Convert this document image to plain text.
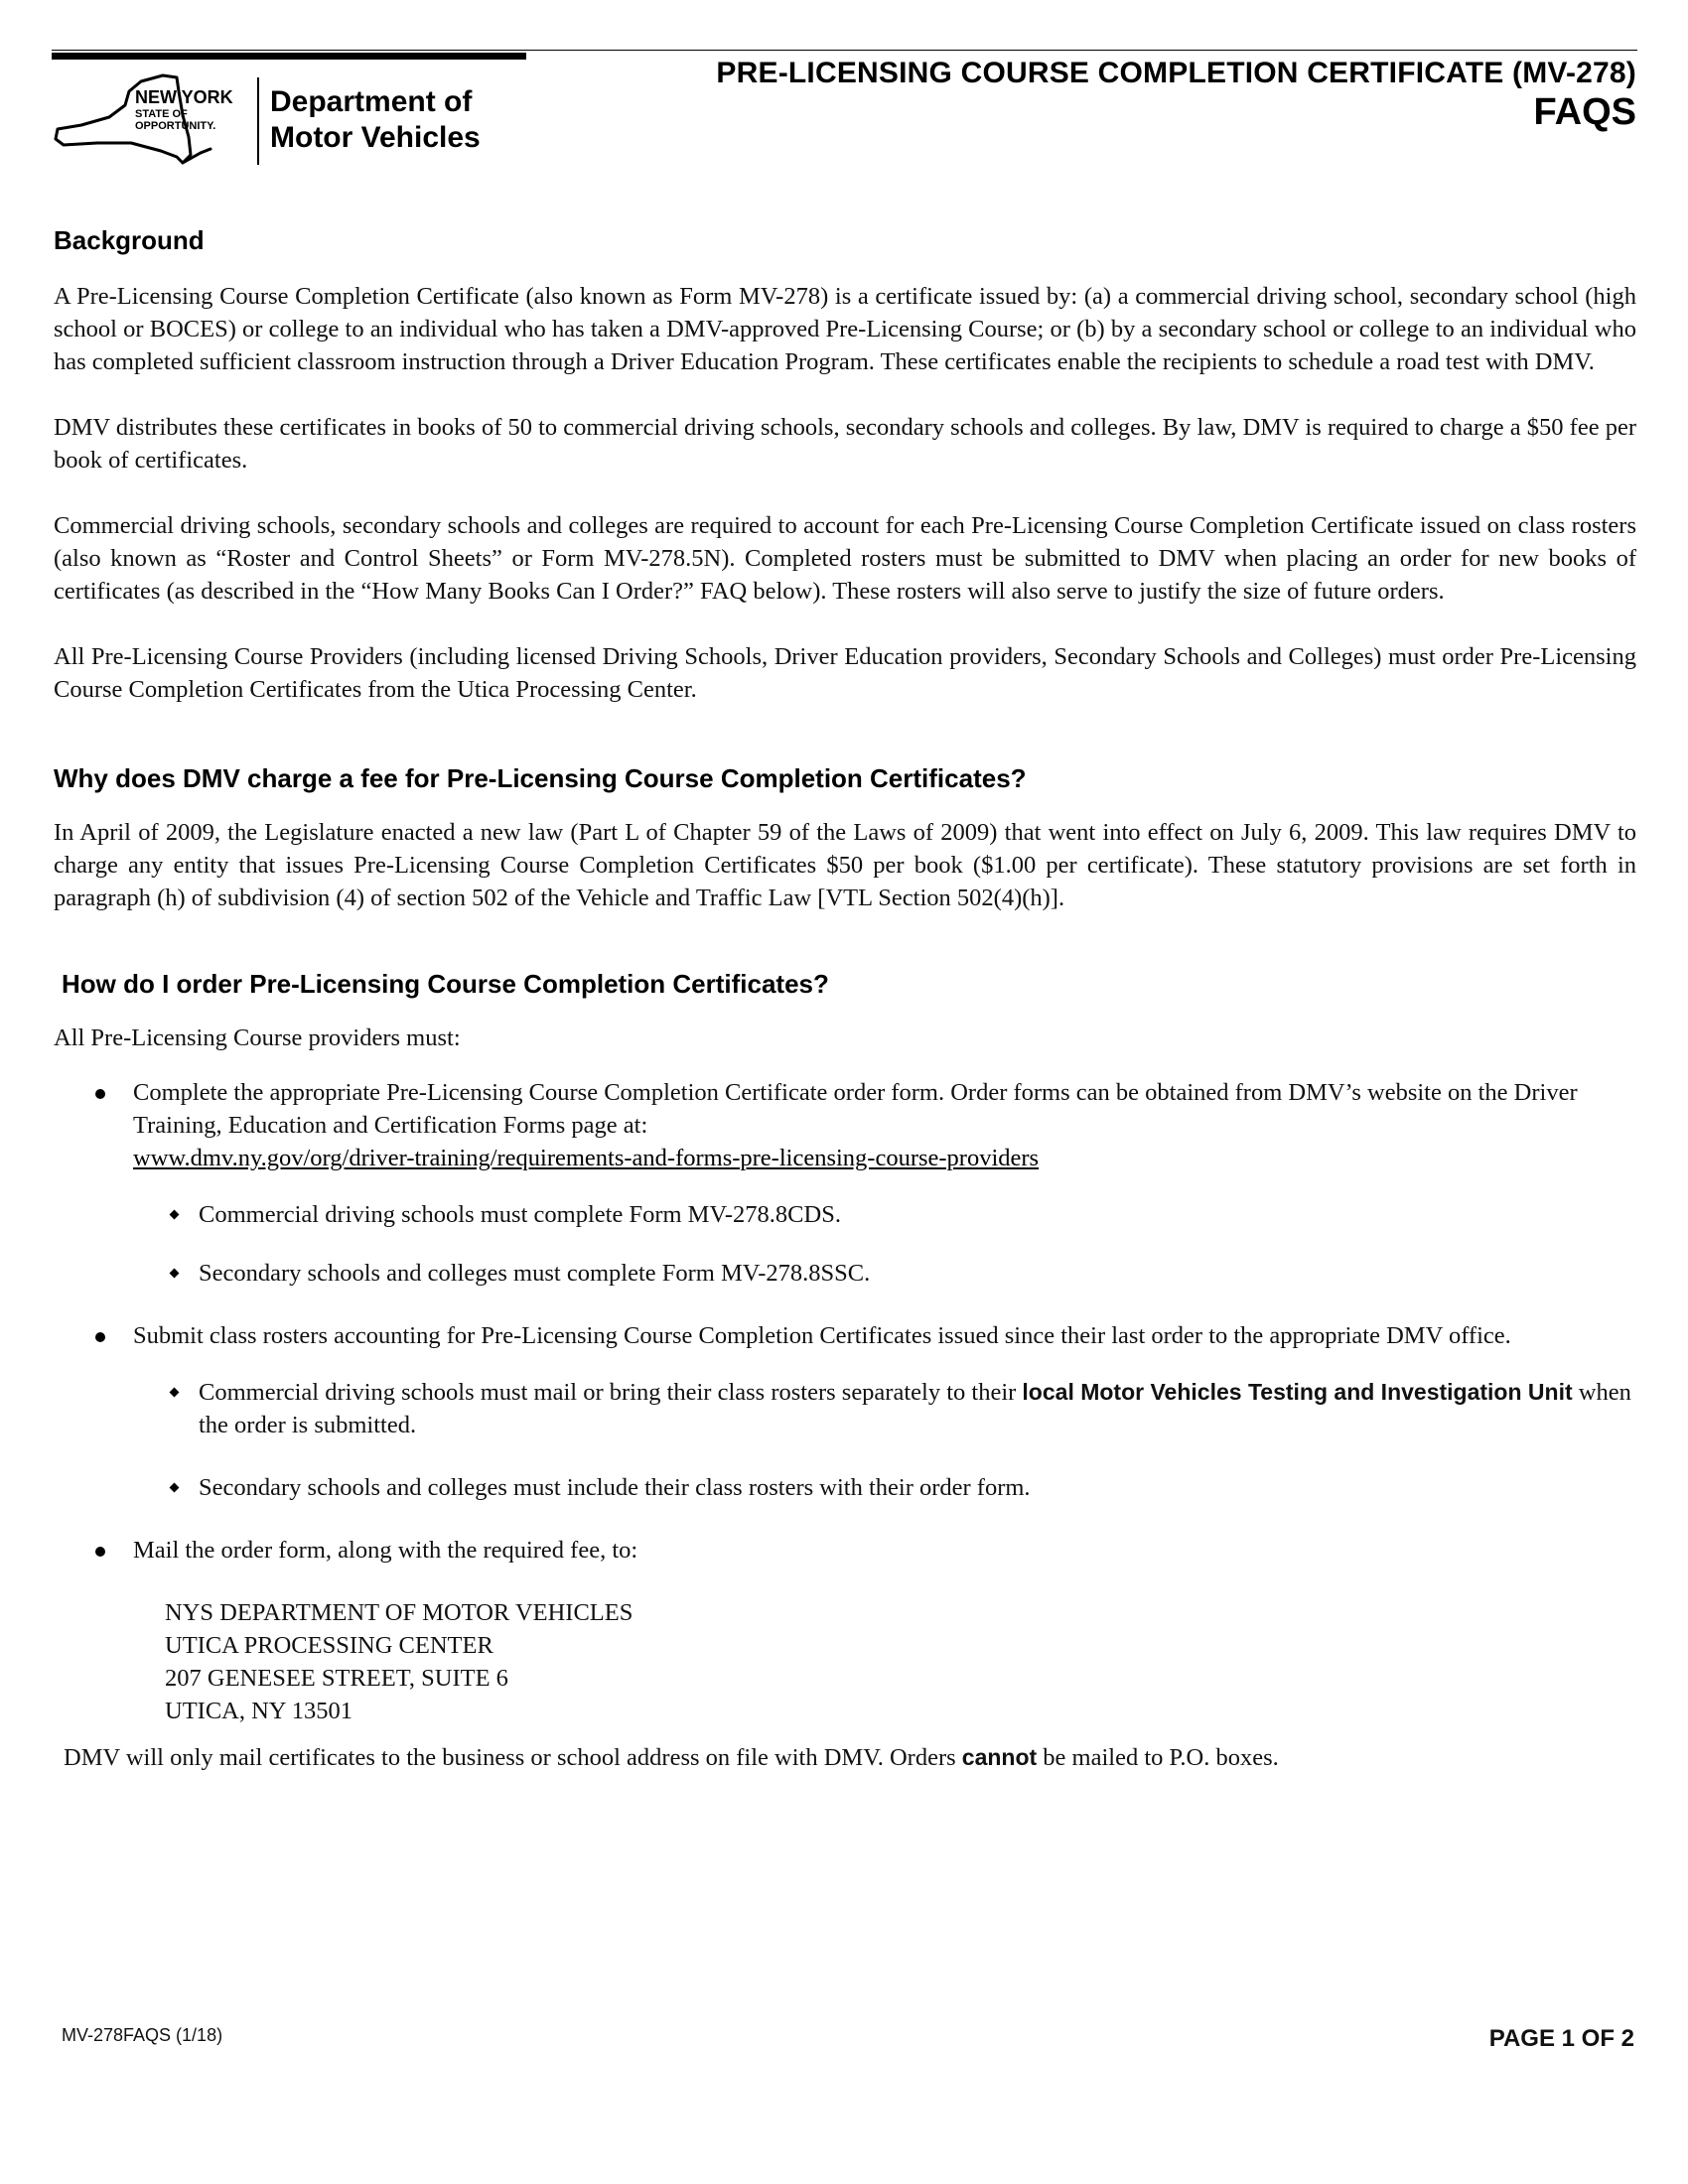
NEW YORK
STATE OF
OPPORTUNITY.
Department of
Motor Vehicles
PRE-LICENSING COURSE COMPLETION CERTIFICATE (MV-278)
FAQS
Background

A Pre-Licensing Course Completion Certificate (also known as Form MV-278) is a certificate issued by: (a) a commercial driving school, secondary school (high school or BOCES) or college to an individual who has taken a DMV-approved Pre-Licensing Course; or (b) by a secondary school or college to an individual who has completed sufficient classroom instruction through a Driver Education Program. These certificates enable the recipients to schedule a road test with DMV.

DMV distributes these certificates in books of 50 to commercial driving schools, secondary schools and colleges. By law, DMV is required to charge a $50 fee per book of certificates.

Commercial driving schools, secondary schools and colleges are required to account for each Pre-Licensing Course Completion Certificate issued on class rosters (also known as “Roster and Control Sheets” or Form MV-278.5N). Completed rosters must be submitted to DMV when placing an order for new books of certificates (as described in the “How Many Books Can I Order?” FAQ below). These rosters will also serve to justify the size of future orders.

All Pre-Licensing Course Providers (including licensed Driving Schools, Driver Education providers, Secondary Schools and Colleges) must order Pre-Licensing Course Completion Certificates from the Utica Processing Center.

Why does DMV charge a fee for Pre-Licensing Course Completion Certificates?

In April of 2009, the Legislature enacted a new law (Part L of Chapter 59 of the Laws of 2009) that went into effect on July 6, 2009. This law requires DMV to charge any entity that issues Pre-Licensing Course Completion Certificates $50 per book ($1.00 per certificate). These statutory provisions are set forth in paragraph (h) of subdivision (4) of section 502 of the Vehicle and Traffic Law [VTL Section 502(4)(h)].

How do I order Pre-Licensing Course Completion Certificates?

All Pre-Licensing Course providers must:

Complete the appropriate Pre-Licensing Course Completion Certificate order form. Order forms can be obtained from DMV’s website on the Driver Training, Education and Certification Forms page at:
www.dmv.ny.gov/org/driver-training/requirements-and-forms-pre-licensing-course-providers
Commercial driving schools must complete Form MV-278.8CDS.
Secondary schools and colleges must complete Form MV-278.8SSC.
Submit class rosters accounting for Pre-Licensing Course Completion Certificates issued since their last order to the appropriate DMV office.
Commercial driving schools must mail or bring their class rosters separately to their local Motor Vehicles Testing and Investigation Unit when the order is submitted.
Secondary schools and colleges must include their class rosters with their order form.
Mail the order form, along with the required fee, to:
NYS DEPARTMENT OF MOTOR VEHICLES
UTICA PROCESSING CENTER
207 GENESEE STREET, SUITE 6
UTICA, NY 13501

DMV will only mail certificates to the business or school address on file with DMV. Orders cannot be mailed to P.O. boxes.

MV-278FAQS (1/18)	PAGE 1 OF 2
